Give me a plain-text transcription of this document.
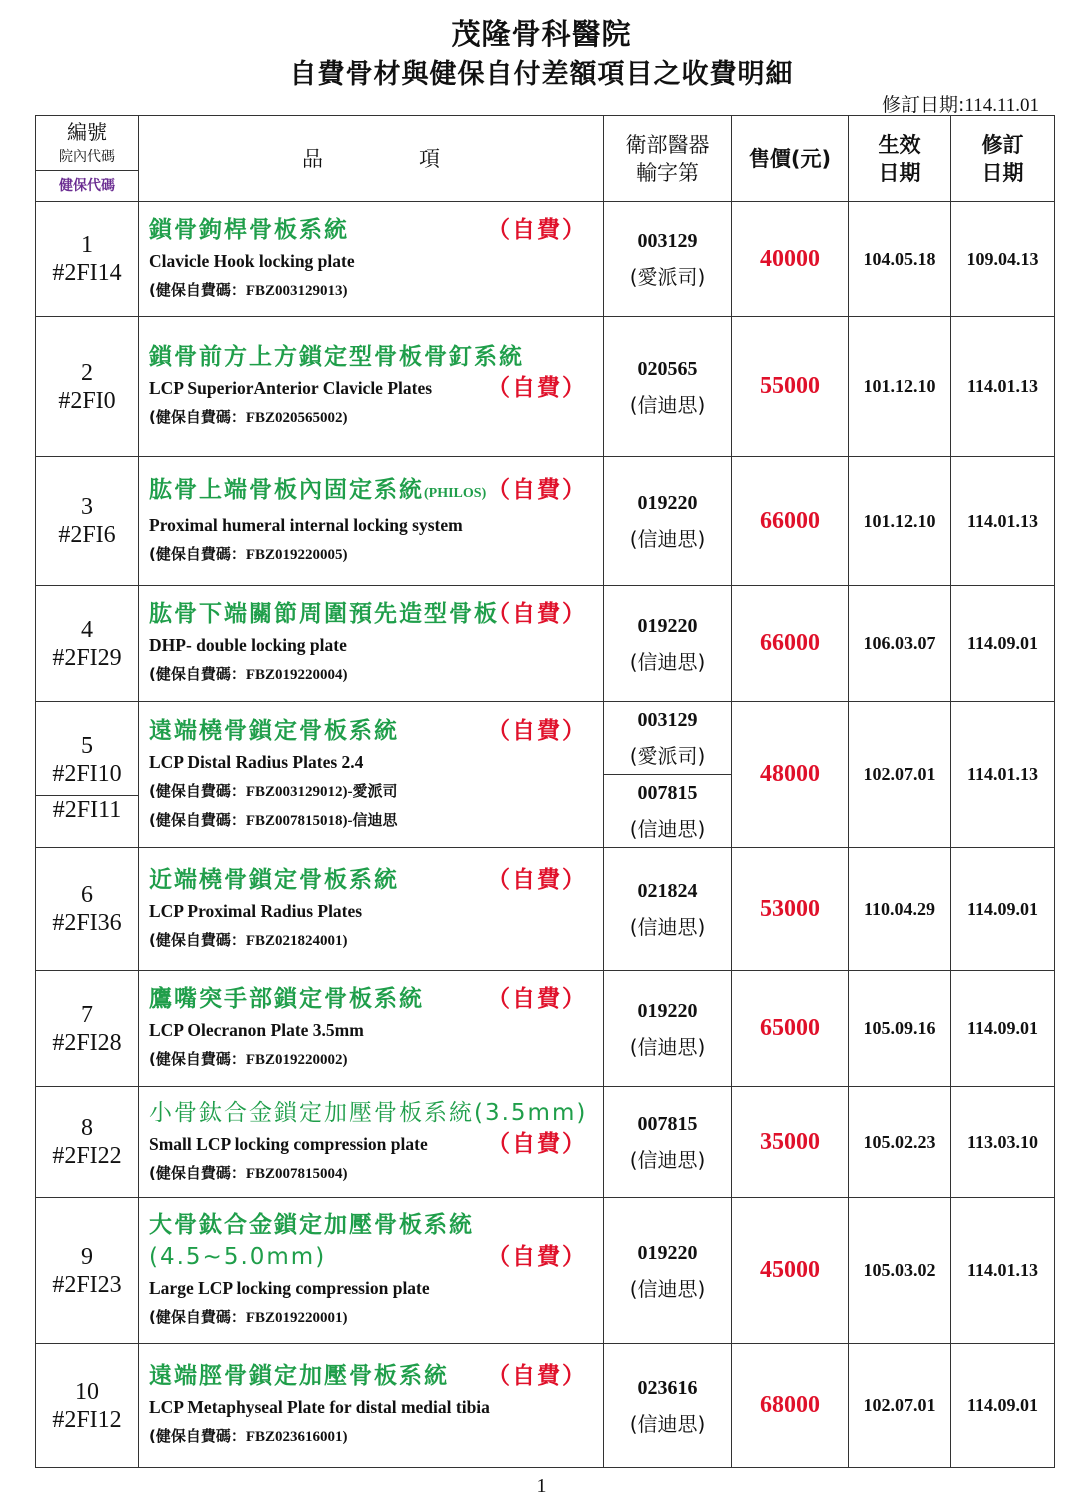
茂隆骨科醫院
自費骨材與健保自付差額項目之收費明細
修訂日期:114.11.01
編號
院內代碼
健保代碼
	品	項	衛部醫器輸字第	售價(元)	生效日期	修訂日期

1
#2FI14

鎖骨鉤桿骨板系統	（自費）
Clavicle Hook locking plate
(健保自費碼：FBZ003129013)

003129
(愛派司)
	40000	104.05.18	109.04.13

2
#2FI0

鎖骨前方上方鎖定型骨板骨釘系統
LCP SuperiorAnterior Clavicle Plates （自費）
(健保自費碼：FBZ020565002)

020565
(信迪思)
	55000	101.12.10	114.01.13

3
#2FI6

肱骨上端骨板內固定系統(PHILOS) （自費）
Proximal humeral internal locking system
(健保自費碼：FBZ019220005)

019220
(信迪思)
	66000	101.12.10	114.01.13

4
#2FI29

肱骨下端關節周圍預先造型骨板
（自費）
DHP- double locking plate
(健保自費碼：FBZ019220004)

019220
(信迪思)
	66000	106.03.07	114.09.01

5
#2FI10

#2FI11

遠端橈骨鎖定骨板系統	（自費）
LCP Distal Radius Plates 2.4
(健保自費碼：FBZ003129012)-愛派司
(健保自費碼：FBZ007815018)-信迪思

003129
(愛派司)

007815
(信迪思)
	48000	102.07.01	114.01.13

6
#2FI36

近端橈骨鎖定骨板系統	（自費）
LCP Proximal Radius Plates
(健保自費碼：FBZ021824001)

021824
(信迪思)
	53000	110.04.29	114.09.01

7
#2FI28

鷹嘴突手部鎖定骨板系統	（自費）
LCP Olecranon Plate 3.5mm
(健保自費碼：FBZ019220002)

019220
(信迪思)
	65000	105.09.16	114.09.01

8
#2FI22

小骨鈦合金鎖定加壓骨板系統(3.5mm)
Small LCP locking compression plate	（自費）
(健保自費碼：FBZ007815004)

007815
(信迪思)
	35000	105.02.23	113.03.10

9
#2FI23

大骨鈦合金鎖定加壓骨板系統
(4.5~5.0mm)	（自費）
Large LCP locking compression plate
(健保自費碼：FBZ019220001)

019220
(信迪思)
	45000	105.03.02	114.01.13

10
#2FI12

遠端脛骨鎖定加壓骨板系統 （自費）
LCP Metaphyseal Plate for distal medial tibia
(健保自費碼：FBZ023616001)

023616
(信迪思)
	68000	102.07.01	114.09.01
1
